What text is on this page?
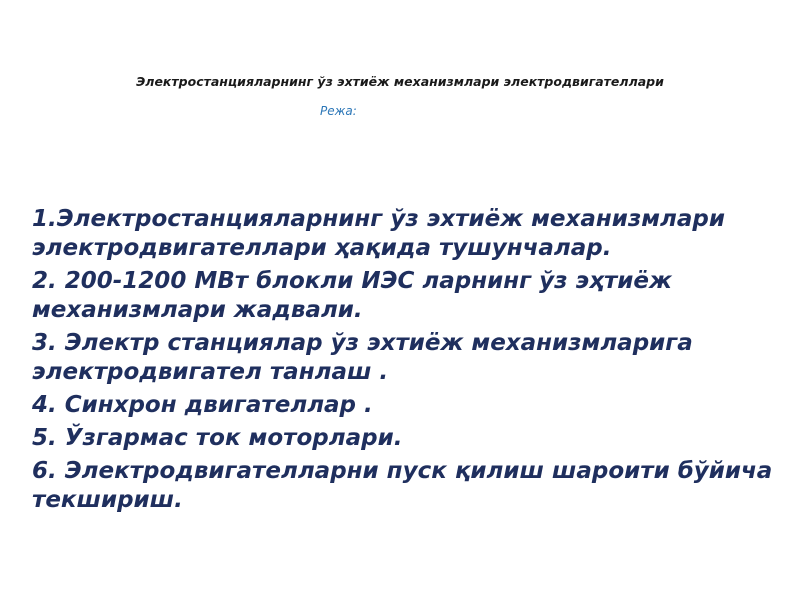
Электростанцияларнинг ўз эхтиёж механизмлари электродвигателлари
Режа:
1.Электростанцияларнинг ўз эхтиёж механизмлари электродвигателлари ҳақида тушунчалар.
2. 200-1200 МВт блокли ИЭС ларнинг ўз эҳтиёж механизмлари жадвали.
3. Электр станциялар ўз эхтиёж механизмларига электродвигател танлаш .
4. Синхрон двигателлар .
5. Ўзгармас ток моторлари.
6. Электродвигателларни пуск қилиш шароити бўйича текшириш.
